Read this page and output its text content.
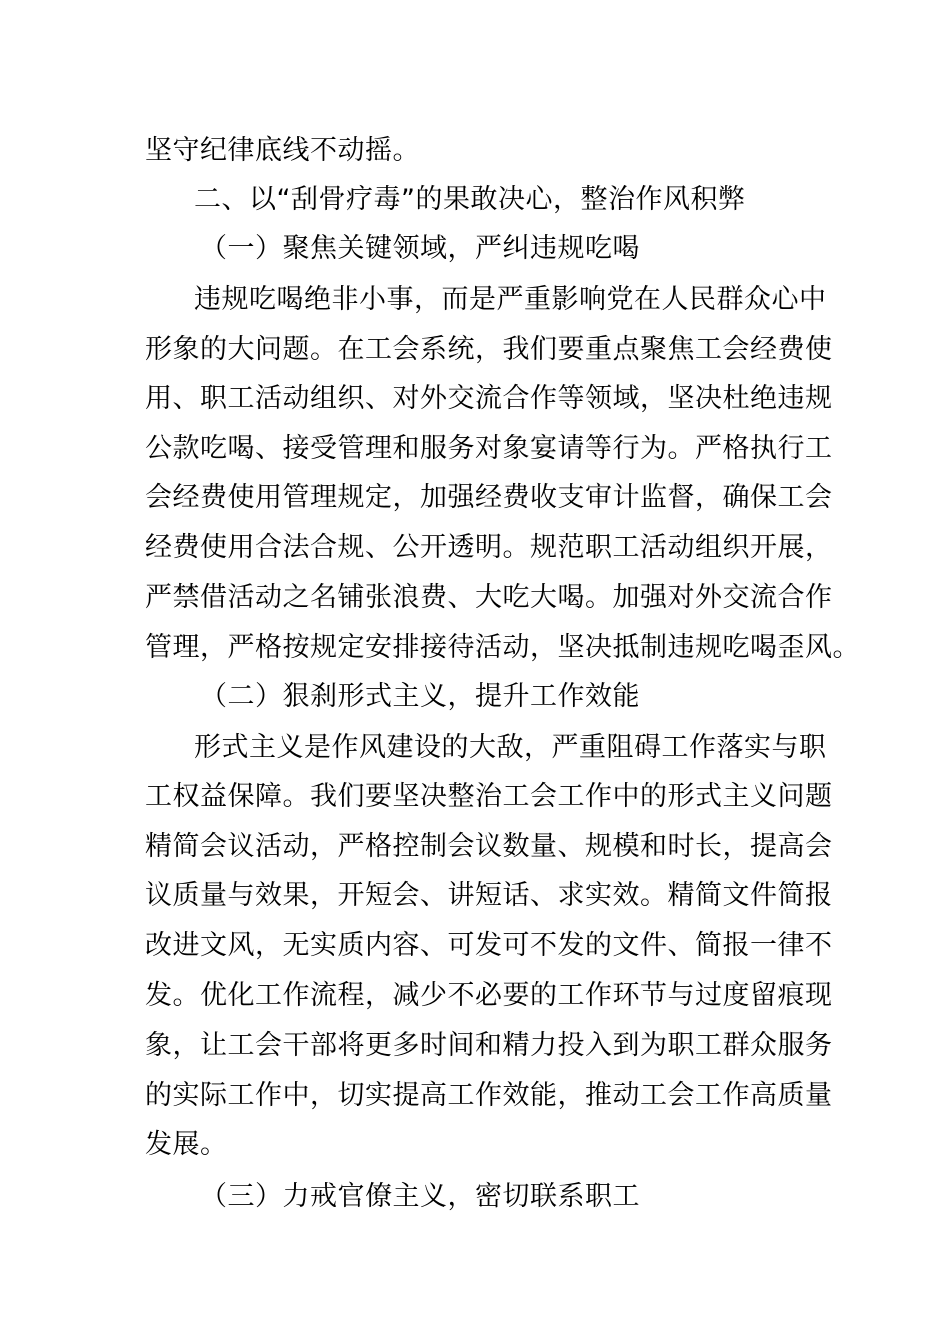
坚守纪律底线不动摇。
二、以“刮骨疗毒”的果敢决心，整治作风积弊
（一）聚焦关键领域，严纠违规吃喝
违规吃喝绝非小事，而是严重影响党在人民群众心中
形象的大问题。在工会系统，我们要重点聚焦工会经费使
用、职工活动组织、对外交流合作等领域，坚决杜绝违规
公款吃喝、接受管理和服务对象宴请等行为。严格执行工
会经费使用管理规定，加强经费收支审计监督，确保工会
经费使用合法合规、公开透明。规范职工活动组织开展，
严禁借活动之名铺张浪费、大吃大喝。加强对外交流合作
管理，严格按规定安排接待活动，坚决抵制违规吃喝歪风。
（二）狠刹形式主义，提升工作效能
形式主义是作风建设的大敌，严重阻碍工作落实与职
工权益保障。我们要坚决整治工会工作中的形式主义问题
精简会议活动，严格控制会议数量、规模和时长，提高会
议质量与效果，开短会、讲短话、求实效。精简文件简报
改进文风，无实质内容、可发可不发的文件、简报一律不
发。优化工作流程，减少不必要的工作环节与过度留痕现
象，让工会干部将更多时间和精力投入到为职工群众服务
的实际工作中，切实提高工作效能，推动工会工作高质量
发展。
（三）力戒官僚主义，密切联系职工
